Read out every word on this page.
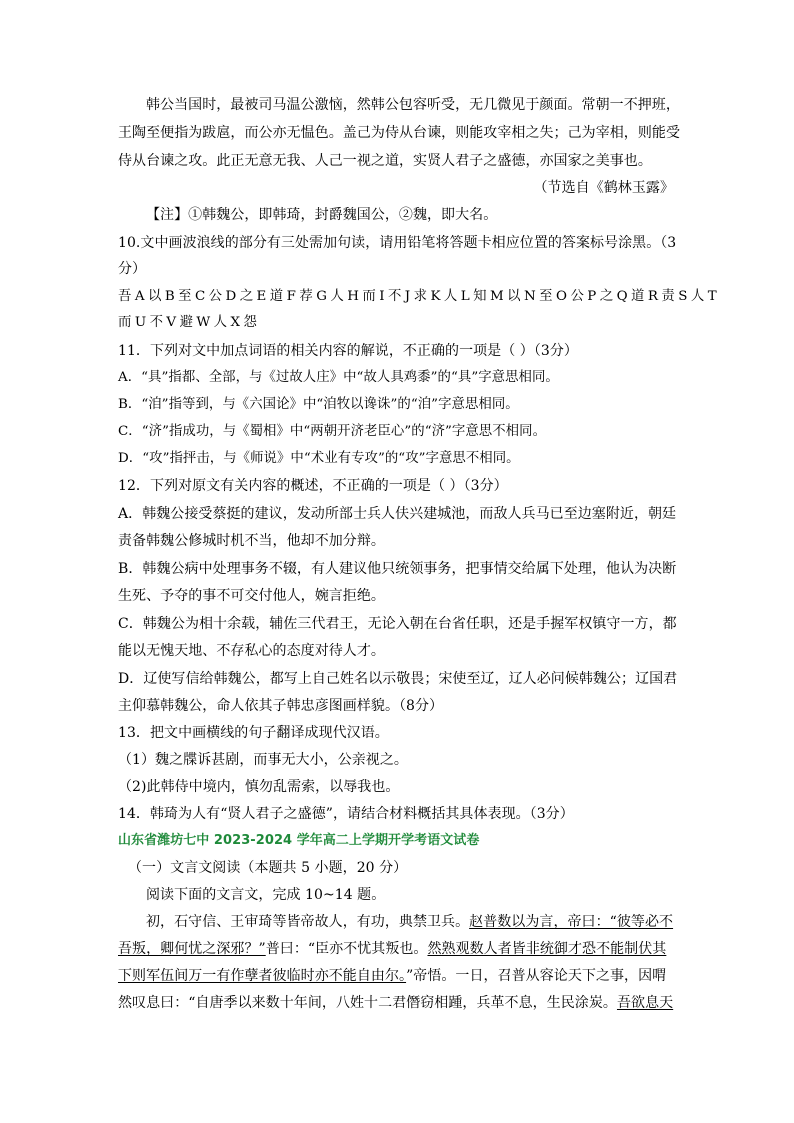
韩公当国时，最被司马温公激恼，然韩公包容听受，无几微见于颜面。常朝一不押班，
王陶至便指为跋扈，而公亦无愠色。盖己为侍从台谏，则能攻宰相之失；己为宰相，则能受
侍从台谏之攻。此正无意无我、人己一视之道，实贤人君子之盛德，亦国家之美事也。
（节选自《鹤林玉露》
【注】①韩魏公，即韩琦，封爵魏国公，②魏，即大名。
10.文中画波浪线的部分有三处需加句读，请用铅笔将答题卡相应位置的答案标号涂黑。（3
分）
吾 A 以 B 至 C 公 D 之 E 道 F 荐 G 人 H 而 I 不 J 求 K 人 L 知 M 以 N 至 O 公 P 之 Q 道 R 责 S 人 T
而 U 不 V 避 W 人 X 怨
11．下列对文中加点词语的相关内容的解说，不正确的一项是（ ）（3分）
A．“具”指都、全部，与《过故人庄》中“故人具鸡黍”的“具”字意思相同。
B．“洎”指等到，与《六国论》中“洎牧以谗诛”的“洎”字意思相同。
C．“济”指成功，与《蜀相》中“两朝开济老臣心”的“济”字意思不相同。
D．“攻”指抨击，与《师说》中“术业有专攻”的“攻”字意思不相同。
12．下列对原文有关内容的概述，不正确的一项是（ ）（3分）
A．韩魏公接受蔡挺的建议，发动所部士兵人伕兴建城池，而敌人兵马已至边塞附近，朝廷
责备韩魏公修城时机不当，他却不加分辩。
B．韩魏公病中处理事务不辍，有人建议他只统领事务，把事情交给属下处理，他认为决断
生死、予夺的事不可交付他人，婉言拒绝。
C．韩魏公为相十余载，辅佐三代君王，无论入朝在台省任职，还是手握军权镇守一方，都
能以无愧天地、不存私心的态度对待人才。
D．辽使写信给韩魏公，都写上自己姓名以示敬畏；宋使至辽，辽人必问候韩魏公；辽国君
主仰慕韩魏公，命人依其子韩忠彦图画样貌。（8分）
13．把文中画横线的句子翻译成现代汉语。
（1）魏之牒诉甚剧，而事无大小，公亲视之。
（2)此韩侍中境内，慎勿乱需索，以辱我也。
14．韩琦为人有“贤人君子之盛德”，请结合材料概括其具体表现。（3分）
山东省潍坊七中 2023-2024 学年高二上学期开学考语文试卷
（一）文言文阅读（本题共 5 小题，20 分）
阅读下面的文言文，完成 10~14 题。
初，石守信、王审琦等皆帝故人，有功，典禁卫兵。赵普数以为言，帝曰：“彼等必不
吾叛，卿何忧之深邪？”普曰：“臣亦不忧其叛也。然熟观数人者皆非统御才恐不能制伏其
下则军伍间万一有作孽者彼临时亦不能自由尔。”帝悟。一日，召普从容论天下之事，因喟
然叹息曰：“自唐季以来数十年间，八姓十二君僭窃相踵，兵革不息，生民涂炭。吾欲息天
